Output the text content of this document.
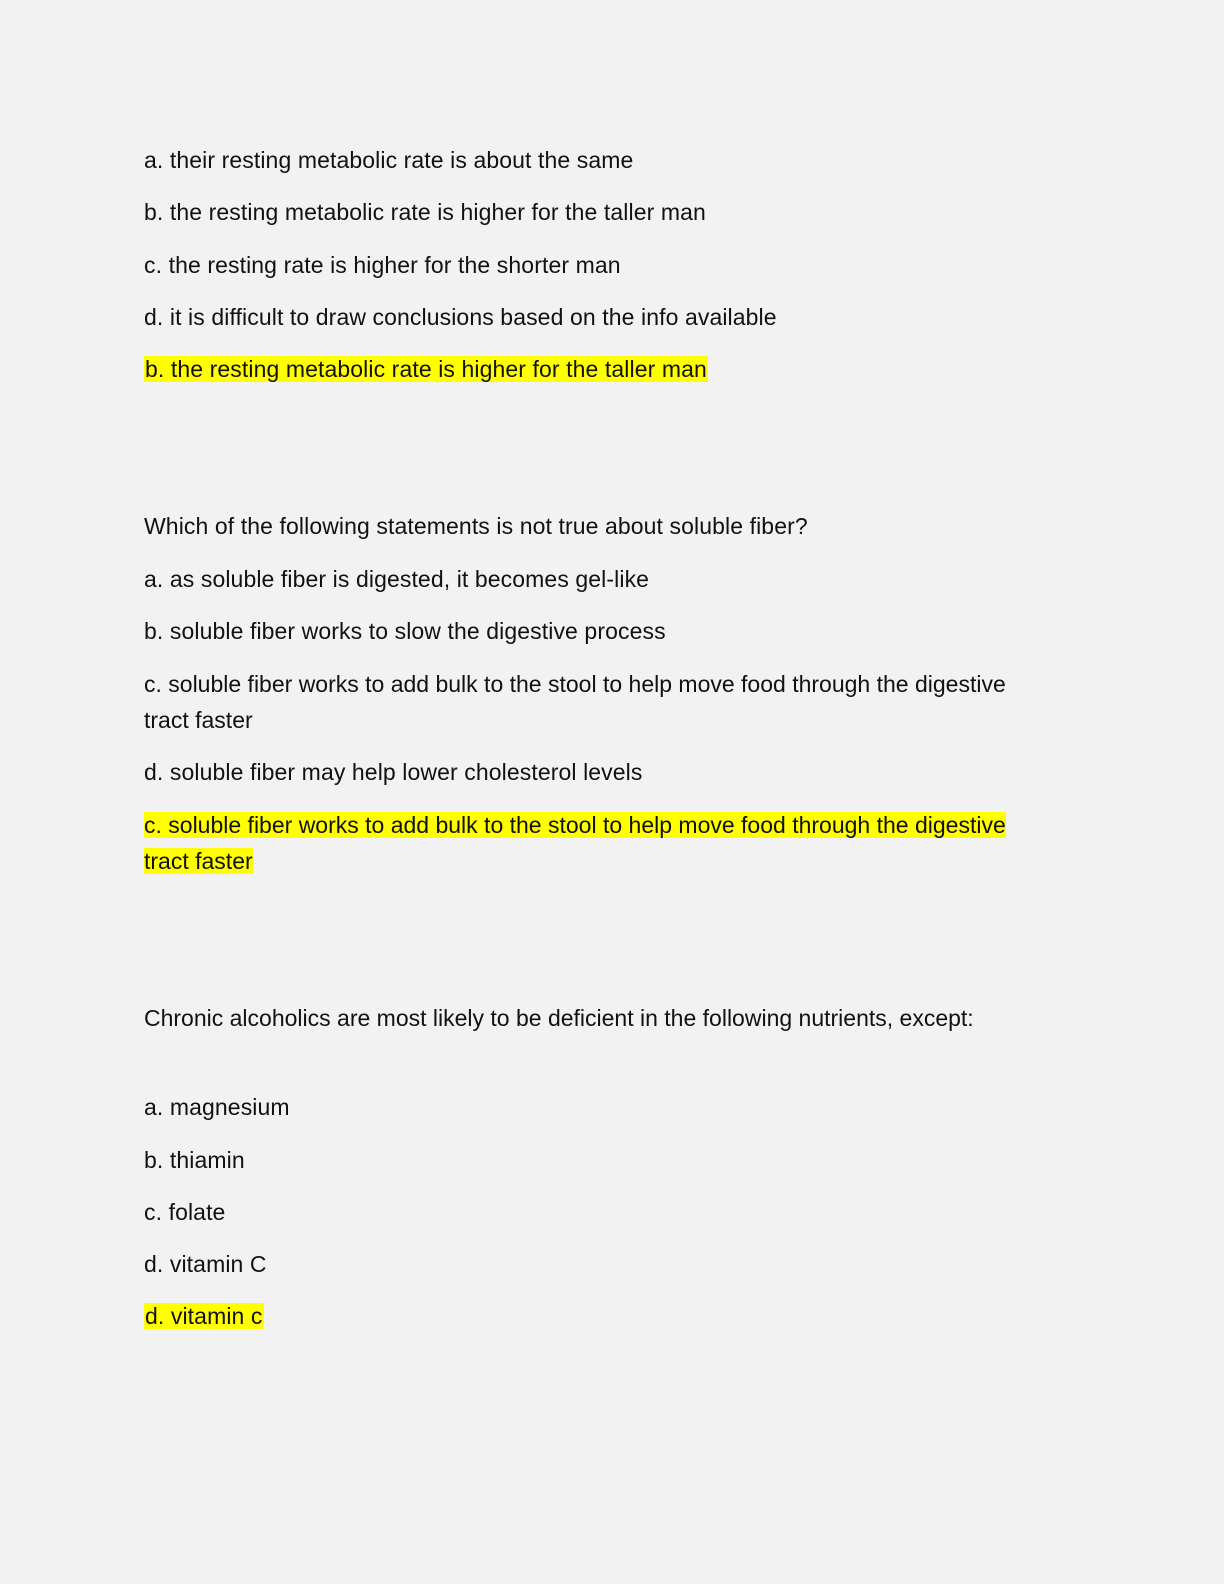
a. their resting metabolic rate is about the same
b. the resting metabolic rate is higher for the taller man
c. the resting rate is higher for the shorter man
d. it is difficult to draw conclusions based on the info available
b. the resting metabolic rate is higher for the taller man
Which of the following statements is not true about soluble fiber?
a. as soluble fiber is digested, it becomes gel-like
b. soluble fiber works to slow the digestive process
c. soluble fiber works to add bulk to the stool to help move food through the digestive tract faster
d. soluble fiber may help lower cholesterol levels
c. soluble fiber works to add bulk to the stool to help move food through the digestive tract faster
Chronic alcoholics are most likely to be deficient in the following nutrients, except:
a. magnesium
b. thiamin
c. folate
d. vitamin C
d. vitamin c
